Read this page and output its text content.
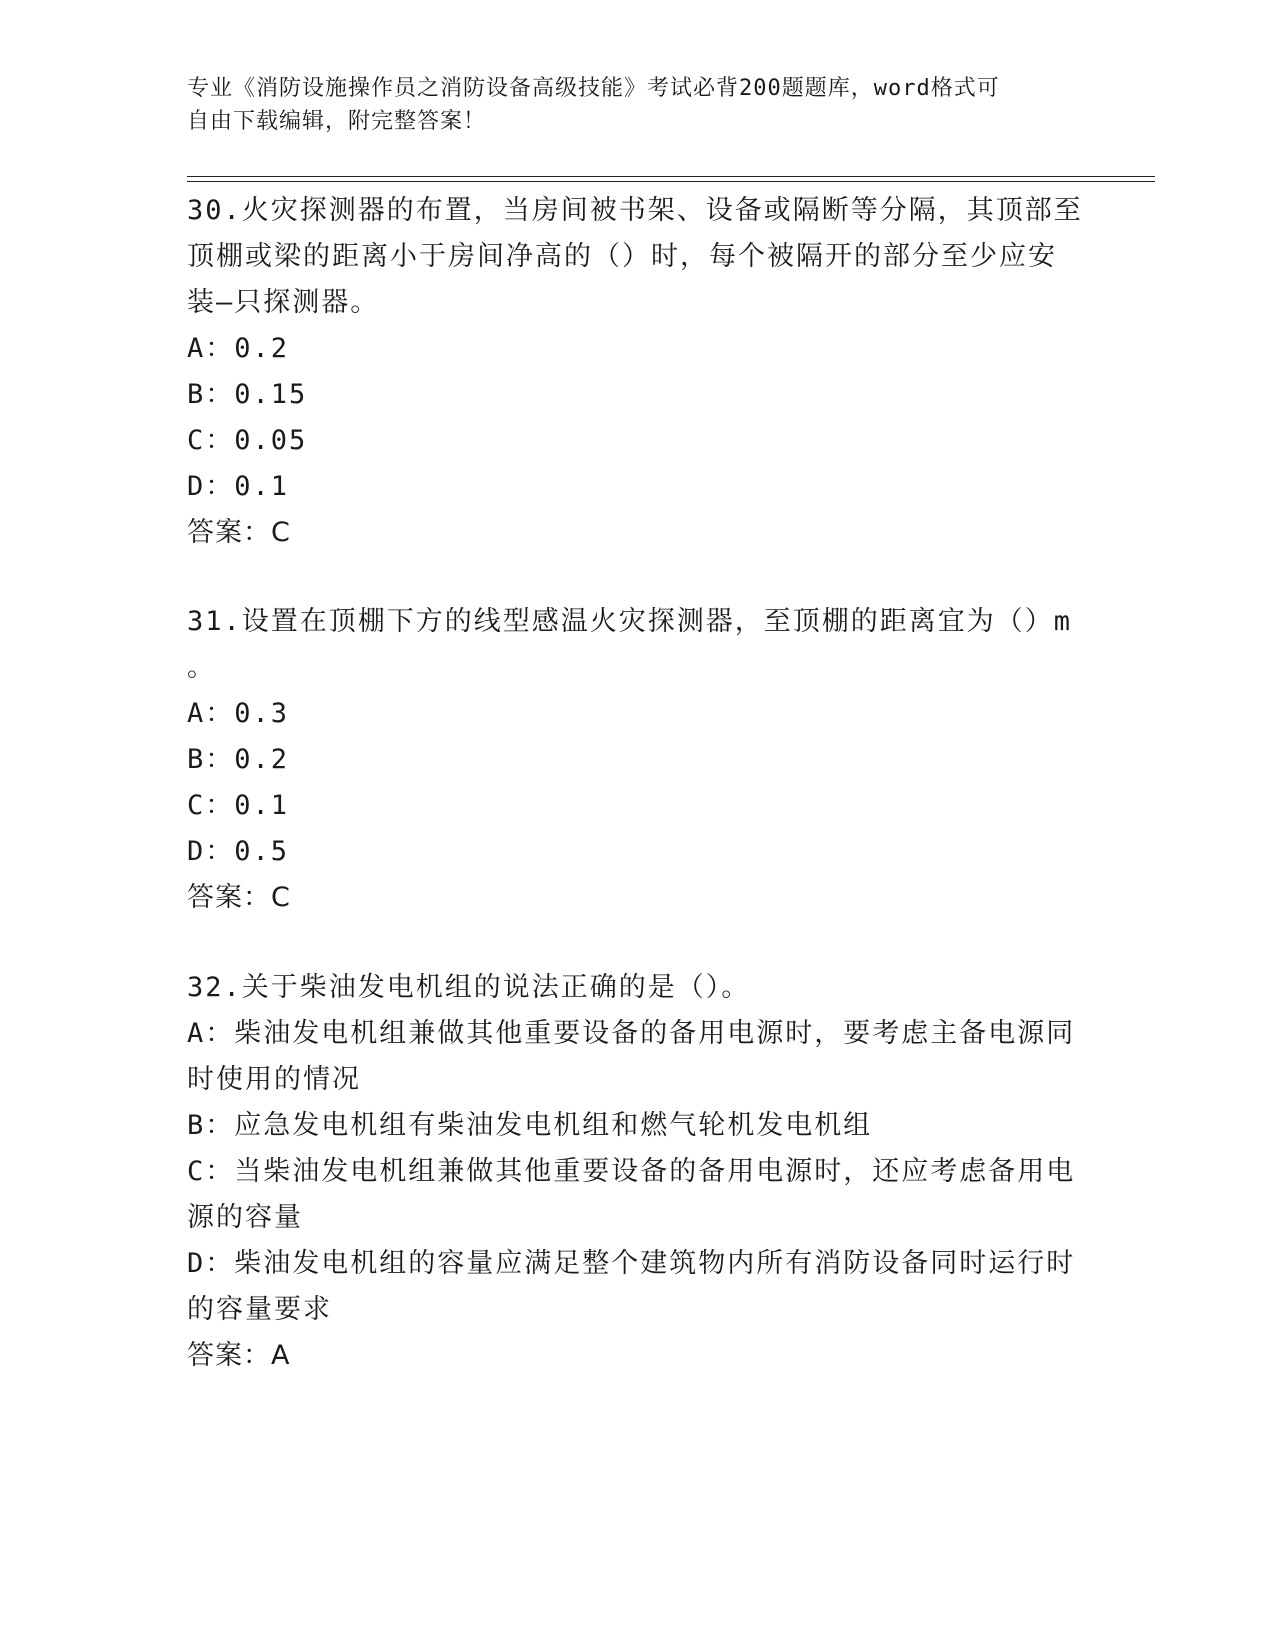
专业《消防设施操作员之消防设备高级技能》考试必背200题题库，word格式可
自由下载编辑，附完整答案！
30.火灾探测器的布置，当房间被书架、设备或隔断等分隔，其顶部至
顶棚或梁的距离小于房间净高的（）时，每个被隔开的部分至少应安
装—只探测器。
A：0.2
B：0.15
C：0.05
D：0.1
答案：C
31.设置在顶棚下方的线型感温火灾探测器，至顶棚的距离宜为（）m
。
A：0.3
B：0.2
C：0.1
D：0.5
答案：C
32.关于柴油发电机组的说法正确的是（）。
A：柴油发电机组兼做其他重要设备的备用电源时，要考虑主备电源同
时使用的情况
B：应急发电机组有柴油发电机组和燃气轮机发电机组
C：当柴油发电机组兼做其他重要设备的备用电源时，还应考虑备用电
源的容量
D：柴油发电机组的容量应满足整个建筑物内所有消防设备同时运行时
的容量要求
答案：A
